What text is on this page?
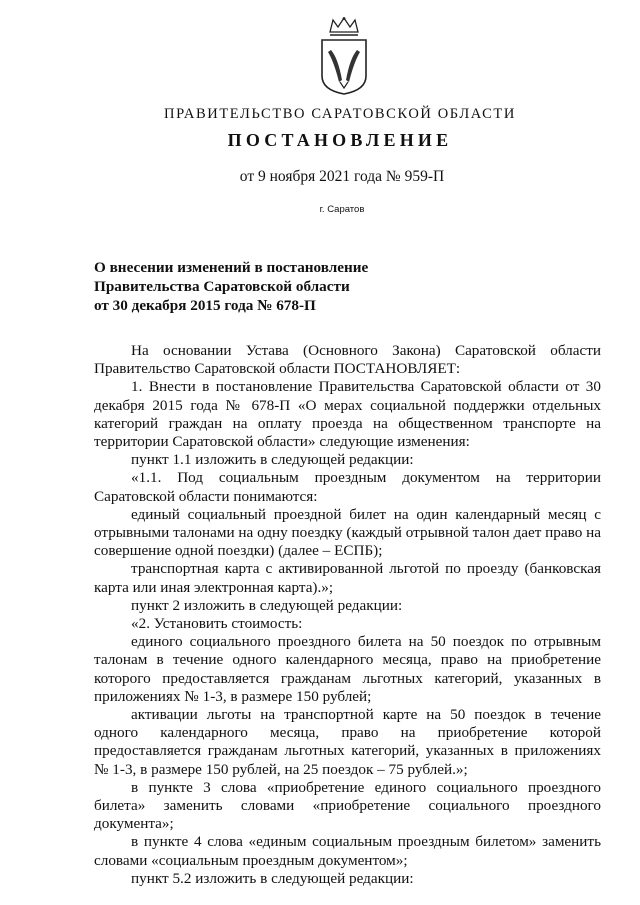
ПРАВИТЕЛЬСТВО САРАТОВСКОЙ ОБЛАСТИ
ПОСТАНОВЛЕНИЕ
от 9 ноября 2021 года № 959-П
г. Саратов
О внесении изменений в постановление
Правительства Саратовской области
от 30 декабря 2015 года № 678-П

На основании Устава (Основного Закона) Саратовской области Правительство Саратовской области ПОСТАНОВЛЯЕТ:

1. Внести в постановление Правительства Саратовской области от 30 декабря 2015 года № 678-П «О мерах социальной поддержки отдельных категорий граждан на оплату проезда на общественном транспорте на территории Саратовской области» следующие изменения:

пункт 1.1 изложить в следующей редакции:

«1.1. Под социальным проездным документом на территории Саратовской области понимаются:

единый социальный проездной билет на один календарный месяц с отрывными талонами на одну поездку (каждый отрывной талон дает право на совершение одной поездки) (далее – ЕСПБ);

транспортная карта с активированной льготой по проезду (банковская карта или иная электронная карта).»;

пункт 2 изложить в следующей редакции:

«2. Установить стоимость:

единого социального проездного билета на 50 поездок по отрывным талонам в течение одного календарного месяца, право на приобретение которого предоставляется гражданам льготных категорий, указанных в приложениях № 1-3, в размере 150 рублей;

активации льготы на транспортной карте на 50 поездок в течение одного календарного месяца, право на приобретение которой предоставляется гражданам льготных категорий, указанных в приложениях № 1-3, в размере 150 рублей, на 25 поездок – 75 рублей.»;

в пункте 3 слова «приобретение единого социального проездного билета» заменить словами «приобретение социального проездного документа»;

в пункте 4 слова «единым социальным проездным билетом» заменить словами «социальным проездным документом»;

пункт 5.2 изложить в следующей редакции:
